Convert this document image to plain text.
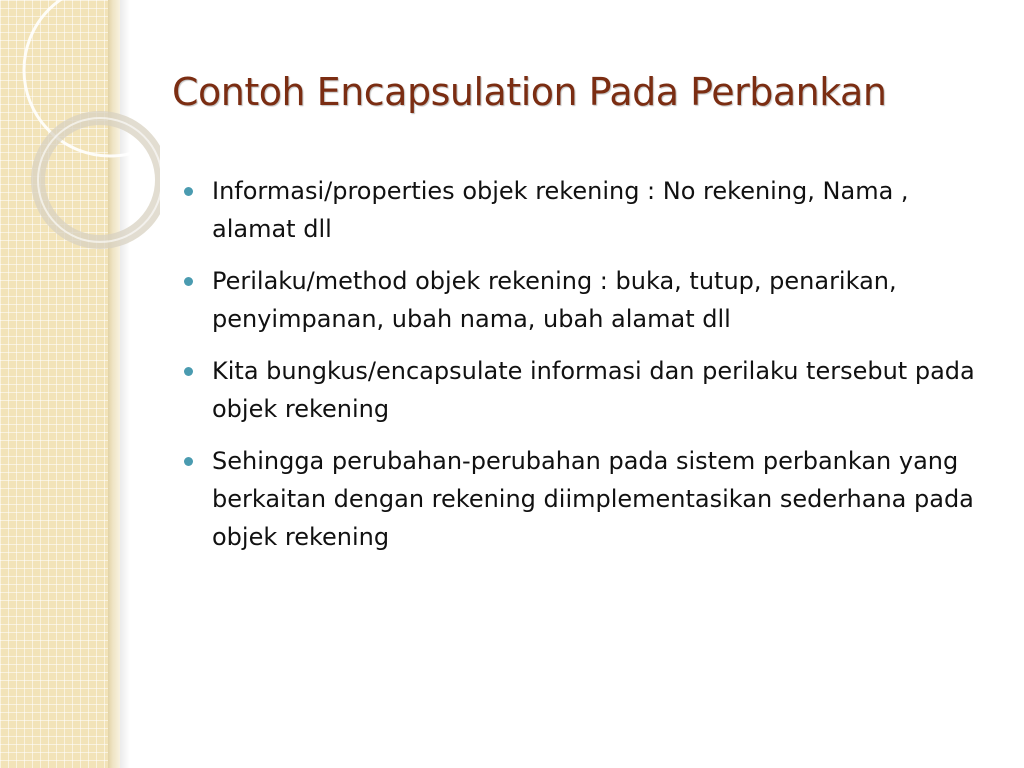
Contoh Encapsulation Pada Perbankan
Informasi/properties objek rekening : No rekening, Nama , alamat dll
Perilaku/method objek rekening : buka, tutup, penarikan, penyimpanan, ubah nama, ubah alamat dll
Kita bungkus/encapsulate informasi dan perilaku tersebut pada objek rekening
Sehingga perubahan-perubahan pada sistem perbankan yang berkaitan dengan rekening diimplementasikan sederhana pada objek rekening
